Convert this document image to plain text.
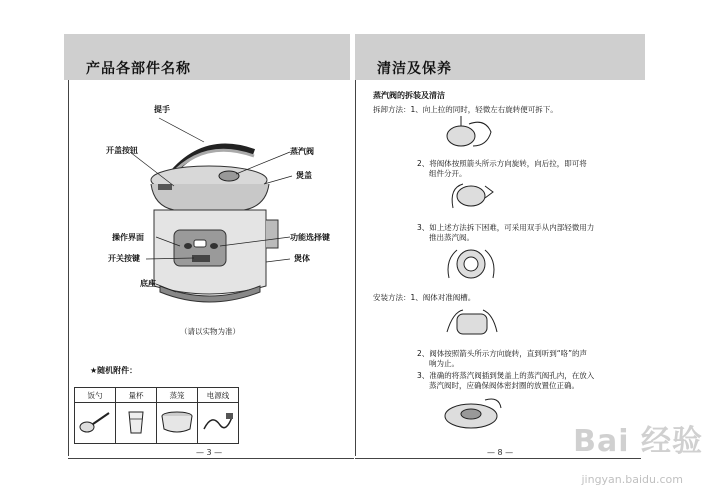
产品各部件名称
提手
开盖按钮	蒸汽阀
煲盖
操作界面	功能选择键
开关按键	煲体
底座
（请以实物为准）
★随机附件：
饭勺	量杯	蒸笼	电源线

— 3 —
清洁及保养
蒸汽阀的拆装及清洁
拆卸方法：1、向上拉的同时，轻微左右旋转便可拆下。
2、将阀体按照箭头所示方向旋转，向后拉，即可将
组件分开。
3、如上述方法拆下困难，可采用双手从内部轻微用力
推出蒸汽阀。
安装方法：1、阀体对准阀槽。
2、阀体按照箭头所示方向旋转，直到听到“咯”的声
响为止。
3、准确的将蒸汽阀插到煲盖上的蒸汽阀孔内，在放入
蒸汽阀时，应确保阀体密封圈的放置位正确。
— 8 — Bai 经验
jingyan.baidu.com
